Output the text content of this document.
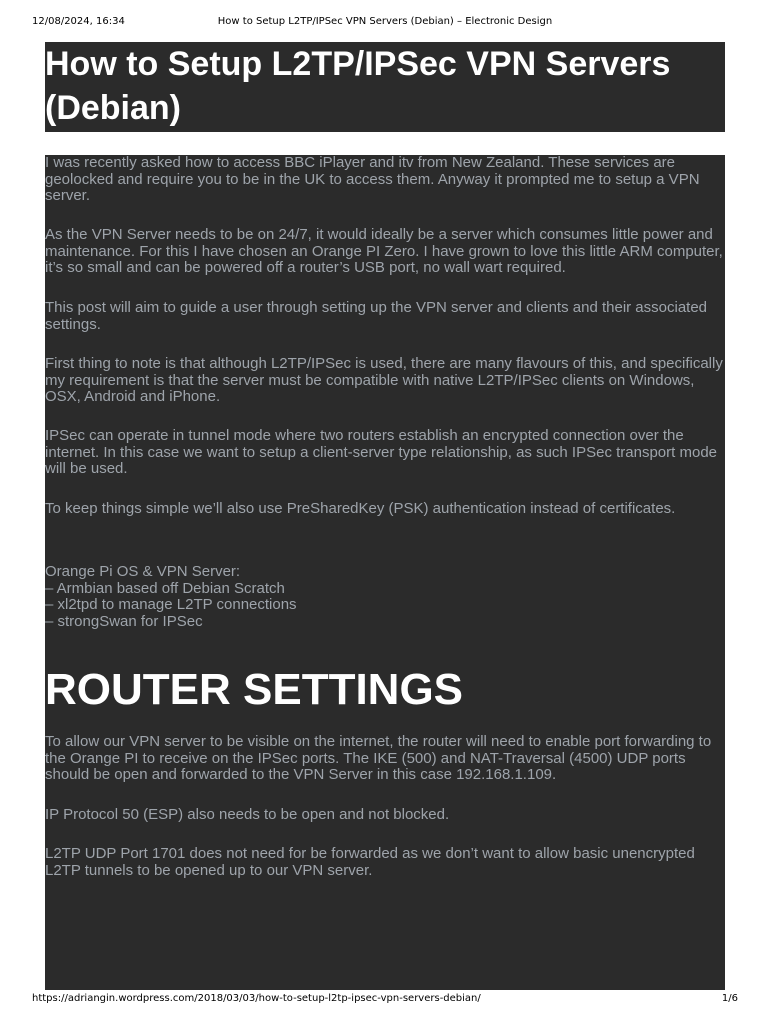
12/08/2024, 16:34	How to Setup L2TP/IPSec VPN Servers (Debian) – Electronic Design
How to Setup L2TP/IPSec VPN Servers (Debian)

I was recently asked how to access BBC iPlayer and itv from New Zealand. These services are geolocked and require you to be in the UK to access them. Anyway it prompted me to setup a VPN server.

As the VPN Server needs to be on 24/7, it would ideally be a server which consumes little power and maintenance. For this I have chosen an Orange PI Zero. I have grown to love this little ARM computer, it’s so small and can be powered off a router’s USB port, no wall wart required.

This post will aim to guide a user through setting up the VPN server and clients and their associated settings.

First thing to note is that although L2TP/IPSec is used, there are many flavours of this, and specifically my requirement is that the server must be compatible with native L2TP/IPSec clients on Windows, OSX, Android and iPhone.

IPSec can operate in tunnel mode where two routers establish an encrypted connection over the internet. In this case we want to setup a client-server type relationship, as such IPSec transport mode will be used.

To keep things simple we’ll also use PreSharedKey (PSK) authentication instead of certificates.

Orange Pi OS & VPN Server:
– Armbian based off Debian Scratch
– xl2tpd to manage L2TP connections
– strongSwan for IPSec

ROUTER SETTINGS

To allow our VPN server to be visible on the internet, the router will need to enable port forwarding to the Orange PI to receive on the IPSec ports. The IKE (500) and NAT-Traversal (4500) UDP ports should be open and forwarded to the VPN Server in this case 192.168.1.109.

IP Protocol 50 (ESP) also needs to be open and not blocked.

L2TP UDP Port 1701 does not need for be forwarded as we don’t want to allow basic unencrypted L2TP tunnels to be opened up to our VPN server.

https://adriangin.wordpress.com/2018/03/03/how-to-setup-l2tp-ipsec-vpn-servers-debian/	1/6
